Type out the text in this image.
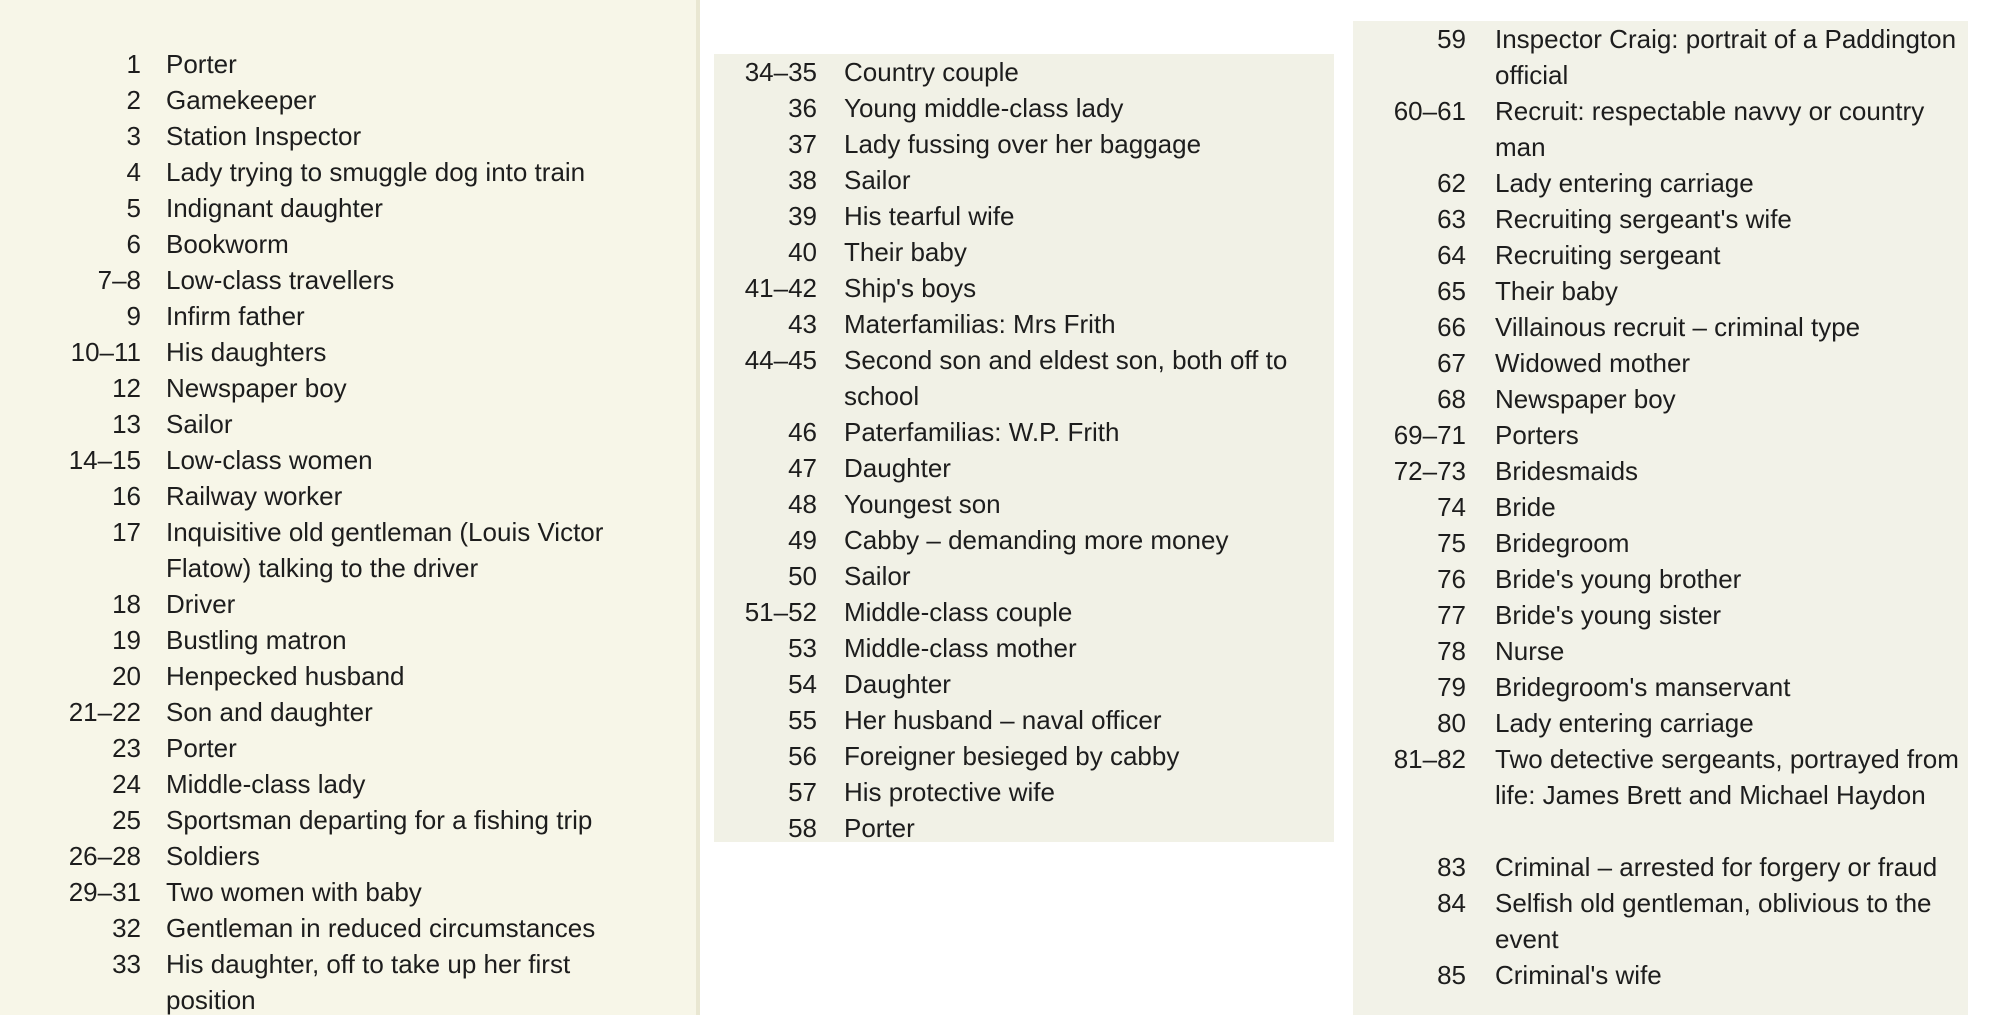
1 Porter
2 Gamekeeper
3 Station Inspector
4 Lady trying to smuggle dog into train
5 Indignant daughter
6 Bookworm
7–8 Low-class travellers
9 Infirm father
10–11 His daughters
12 Newspaper boy
13 Sailor
14–15 Low-class women
16 Railway worker
17 Inquisitive old gentleman (Louis Victor Flatow) talking to the driver
18 Driver
19 Bustling matron
20 Henpecked husband
21–22 Son and daughter
23 Porter
24 Middle-class lady
25 Sportsman departing for a fishing trip
26–28 Soldiers
29–31 Two women with baby
32 Gentleman in reduced circumstances
33 His daughter, off to take up her first position
34–35 Country couple
36 Young middle-class lady
37 Lady fussing over her baggage
38 Sailor
39 His tearful wife
40 Their baby
41–42 Ship's boys
43 Materfamilias: Mrs Frith
44–45 Second son and eldest son, both off to school
46 Paterfamilias: W.P. Frith
47 Daughter
48 Youngest son
49 Cabby – demanding more money
50 Sailor
51–52 Middle-class couple
53 Middle-class mother
54 Daughter
55 Her husband – naval officer
56 Foreigner besieged by cabby
57 His protective wife
58 Porter
59 Inspector Craig: portrait of a Paddington official
60–61 Recruit: respectable navvy or country man
62 Lady entering carriage
63 Recruiting sergeant's wife
64 Recruiting sergeant
65 Their baby
66 Villainous recruit – criminal type
67 Widowed mother
68 Newspaper boy
69–71 Porters
72–73 Bridesmaids
74 Bride
75 Bridegroom
76 Bride's young brother
77 Bride's young sister
78 Nurse
79 Bridegroom's manservant
80 Lady entering carriage
81–82 Two detective sergeants, portrayed from life: James Brett and Michael Haydon
83 Criminal – arrested for forgery or fraud
84 Selfish old gentleman, oblivious to the event
85 Criminal's wife
